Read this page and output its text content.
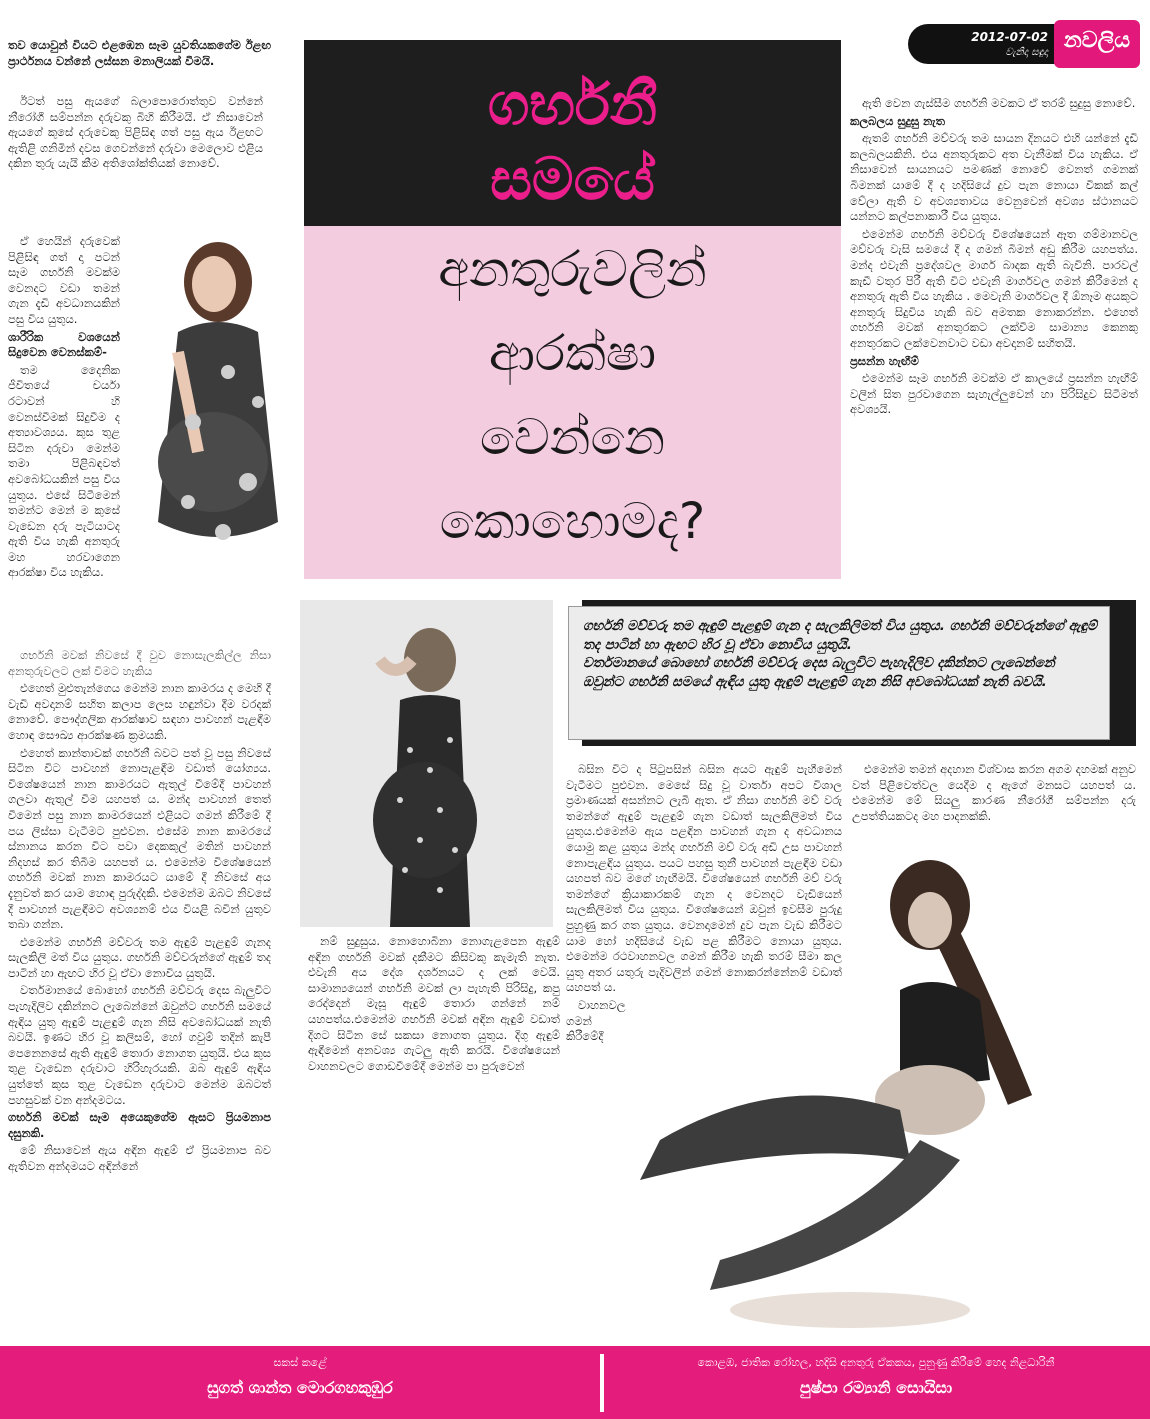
2012-07-02
වැනිදා සඳුදා නවලිය
ගර්භනී
සමයේ
අනතුරුවලින්
ආරක්ෂා
වෙන්නෙ
කොහොමද?

තව යොවුන් වියට එළඹෙන සෑම යුවතියකගේම ඊළඟ ප්‍රාර්ථනය වන්නේ ලස්සන මනාලියක් වීමයි.

ඊටත් පසු ඇයගේ බලාපොරොත්තුව වන්නේ නීරෝගී සම්පන්න දරුවකු බිහි කිරීමයි. ඒ නිසාවෙන් ඇයගේ කුසේ දරුවෙකු පිළිසිඳ ගත් පසු ඇය ඊළඟට ඇතිළි ගනිමින් දවස ගෙවන්නේ දරුවා මෙලොව එළිය දකින තුරු යැයි කීම අතිශෝක්තියක් නොවේ.

ඒ හෙයින් දරුවෙක් පිළිසිඳ ගත් දා පටන් සෑම ගර්භනි මවක්ම වෙනදට වඩා තමන් ගැන දැඩි අවධානයකින් පසු විය යුතුය.

ශාරීරික වශයෙන් සිදුවෙන වෙනස්කම්-

තම දෛනික ජීවිතයේ චර්යා රටාවන් හි වෙනස්වීමක් සිදුවීම ද අත්‍යාවශ්‍යය. කුස තුළ සිටින දරුවා මෙන්ම තමා පිළිබඳවත් අවබෝධයකින් පසු විය යුතුය. එසේ සිටීමෙන් තමන්ට මෙන් ම කුසේ වැඩෙන දරු පැටියාටද ඇති විය හැකි අනතුරු මහ හරවාගෙන ආරක්ෂා විය හැකිය.

ගර්භනි මවක් නිවසේ දී වුව නොසැලකිල්ල නිසා අනතුරුවලට ලක් විමට හැකිය

එහෙත් මුළුතැන්ගෙය මෙන්ම නාන කාමරය ද මෙහි දී වැඩි අවදානම් සහිත කලාප ලෙස හඳුන්වා දීම වරදක් නොවේ. පෞද්ගලික ආරක්ෂාව සඳහා පාවහන් පැළඳීම හොඳ සෞඛ්‍ය ආරක්ෂණ ක්‍රමයකි.

එහෙත් කාන්තාවක් ගර්භනී බවට පත් වූ පසු නිවසේ සිටින විට පාවහන් නොපැළඳීම වඩාත් යෝග්‍යය. විශේෂයෙන් නාන කාමරයට ඇතුල් වීමේදී පාවහන් ගලවා ඇතුල් වීම යහපත් ය. මන්ද පාවහන් තෙත් වීමෙන් පසු නාන කාමරයෙන් එළියට ගමන් කිරීමේ දී පය ලිස්සා වැටීමට පුළුවන. එසේම නාන කාමරයේ ස්නානය කරන විට පවා දෙකකුල් මතින් පාවහන් නිදහස් කර තිබීම යහපත් ය. එමෙන්ම විශේෂයෙන් ගර්භනි මවක් නාන කාමරයට යාමේ දී නිවසේ අය දැනුවත් කර යාම හොඳ පුරුද්දකි. එමෙන්ම ඔබට නිවසේ දී පාවහන් පැළඳීමට අවශ්‍යනම් එය වියළි බවින් යුතුව තබා ගන්න.

එමෙන්ම ගර්භනි මව්වරු තම ඇඳුම් පැළඳුම් ගැනද සැලකිලි මත් විය යුතුය. ගර්භනි මව්වරුන්ගේ ඇඳුම් තද පාටින් හා ඇඟට හිර වූ ඒවා නොවිය යුතුයි.

වර්තමානයේ බොහෝ ගර්භනි මව්වරු දෙස බැලුවිට පැහැදිලිව දකින්නට ලැබෙන්නේ ඔවුන්ට ගර්භනි සමයේ ඇඳිය යුතු ඇඳුම් පැළඳුම් ගැන නිසි අවබෝධයක් නැති බවයි. ඉණට හිර වූ කලිසම්, හෝ ගවුම් තදින් කැපී පෙනෙනසේ ඇති ඇඳුම් තොරා නොගත යුතුයි. එය කුස තුළ වැඩෙන දරුවාට හිරිහැරයකි. ඔබ ඇඳුම් ඇඳිය යුත්තේ කුස තුළ වැඩෙන දරුවාට මෙන්ම ඔබටත් පහසුවක් වන අන්දමටය.

ගර්භනි මවක් සෑම අයෙකුගේම ඇසට ප්‍රියමනාප දසුනකි.

මේ නිසාවෙන් ඇය අඳින ඇඳුම් ඒ ප්‍රියමනාප බව ඇතිවන අන්දමයට අඳින්නේ

ඇති වෙන ගැස්සීම ගර්භනි මවකට ඒ තරම් සුදුසු නොවේ.

කලබලය සුදුසු නැත

ඇතම් ගර්භනි මව්වරු තම සායන දිනයට එහි යන්නේ දැඩි කලබලයකිනි. එය අනතුරුකට අත වැනීමක් විය හැකිය. ඒ නිසාවෙන් සායනයට පමණක් නොවේ වෙනත් ගමනක් බිමනක් යාමේ දී ද හදිසියේ දුව පැන නොයා විකක් කල් වේලා ඇති ව අවශ්‍යතාවය වෙනුවෙන් අවශ්‍ය ස්ථානයට යන්නට කල්පනාකාරී විය යුතුය.

එමෙන්ම ගර්භනි මව්වරු විශේෂයෙන් ඈත ගම්මානවල මව්වරු වැසි සමයේ දී ද ගමන් බිමන් අඩු කිරීම යහපත්ය. මන්ද එවැනි ප්‍රදේශවල මාර්ග බාදක ඇති බැවිනි. පාරවල් කැඩී වතුර පිරී ඇති විට එවැනි මාර්ගවල ගමන් කිරීමෙන් ද අනතුරු ඇති විය හැකිය . මෙවැනි මාර්ගවල දී ඕනෑම අයකුට අනතුරු සිදුවිය හැකි බව අමතක නොකරන්න. එහෙත් ගර්භනි මවක් අනතුරකට ලක්වීම සාමාන්‍ය කෙනකු අනතුරකට ලක්වෙනවාට වඩා අවදානම් සහිතයි.

ප්‍රසන්න හැඟීම්

එමෙන්ම සෑම ගර්භනි මවක්ම ඒ කාලයේ ප්‍රසන්න හැඟීම් වලින් සිත පුරවාගෙන සැහැල්ලුවෙන් හා පිරිසිදුව සිටීමත් අවශ්‍යයි.

ගර්භනි මව්වරු තම ඇඳුම් පැළඳුම් ගැන ද සැලකිලිමත් විය යුතුය. ගර්භනි මව්වරුන්ගේ ඇඳුම් තද පාටින් හා ඇඟට හිර වූ ඒවා නොවිය යුතුයි.

වර්තමානයේ බොහෝ ගර්භනි මව්වරු දෙස බැලුවිට පැහැදිලිව දකින්නට ලැබෙන්නේ ඔවුන්ට ගර්භනි සමයේ ඇඳිය යුතු ඇඳුම් පැළඳුම් ගැන නිසි අවබෝධයක් නැති බවයි.

බසින විට ද පිටුපසින් බසින අයට ඇඳුම් පැහීමෙන් වැටීමට පුළුවන. මෙසේ සිදු වූ වාර්තා අපට විශාල ප්‍රමාණයක් අසන්නට ලැබී ඇත. ඒ නිසා ගර්භනි මව් වරු තමන්ගේ ඇඳුම් පැළඳුම් ගැන වඩාත් සැලකිලිමත් විය යුතුය.එමෙන්ම ඇය පළඳින පාවහන් ගැන ද අවධානය යොමු කළ යුතුය මන්ද ගර්භනි මව් වරු අඩි උස පාවහන් නොපැළඳිය යුතුය. පයට පහසු තුනී පාවහන් පැළඳීම වඩා යහපත් බව මගේ හැඟීමයි. විශේෂයෙන් ගර්භනි මව් වරු තමන්ගේ ක්‍රියාකාරකම් ගැන ද වෙනදට වැඩියෙන් සැලකිලිමත් විය යුතුය. විශේෂයෙන් ඔවුන් ඉවසීම පුරුදු පුහුණු කර ගත යුතුය. වෙනදාමෙන් දුව පැන වැඩ කිරීමට යාම හෝ හදිසියේ වැඩ පළ කිරීමට නොයා යුතුය. එමෙන්ම රථවාහනවල ගමන් කිරීම හැකි තරම් සීමා කල යුතු අතර යතුරු පැදිවලින් ගමන් නොකරන්නේනම් වඩාත් යහපත් ය.

වාහනවල ගමන් කිරීමේදී

එමෙන්ම තමන් අදහාන විශ්වාස කරන අගම දහමක් අනුව වත් පිළිවෙත්වල යෙදීම ද ඇගේ මනසට යහපත් ය. එමෙන්ම මේ සියලු කාරණ නීරෝගී සම්පන්න දරු උපත්තියකටද මහ පාදනක්කි.

නම් සුදුසුය. නොහොබිනා නොගැළපෙන ඇඳුම් අඳින ගර්භනි මවක් දකීමට කිසිවකු කැමැති නැත. එවැනි අය දේශ දර්ශනයට ද ලක් වෙයි. සාමාන්‍යයෙන් ගර්භනි මවක් ලා පැහැති පිරිසිදු, කපු රෙද්දෙන් මැසූ ඇඳුම් තොරා ගන්නේ නම් යහපත්ය.එමෙන්ම ගර්භනි මවක් අඳින ඇඳුම් වඩාත් දිගට සිටින සේ සකසා නොගත යුතුය. දිගු ඇඳුම් ඇඳීමෙන් අනවශ්‍ය ගැටලු ඇති කරයි. විශේෂයෙන් වාහනවලට ගොඩවීමේදී මෙන්ම පා පුරුවෙන්

සකස් කළේ
සුගත් ශාන්ත මොරගහකුඹුර
කොළඹ, ජාතික රෝහල, හදිසි අනතුරු ඒකකය, පුනුණු කිරීමේ හෙද නිළධාරිනී
පුෂ්පා රම්‍යානි සොයිසා
